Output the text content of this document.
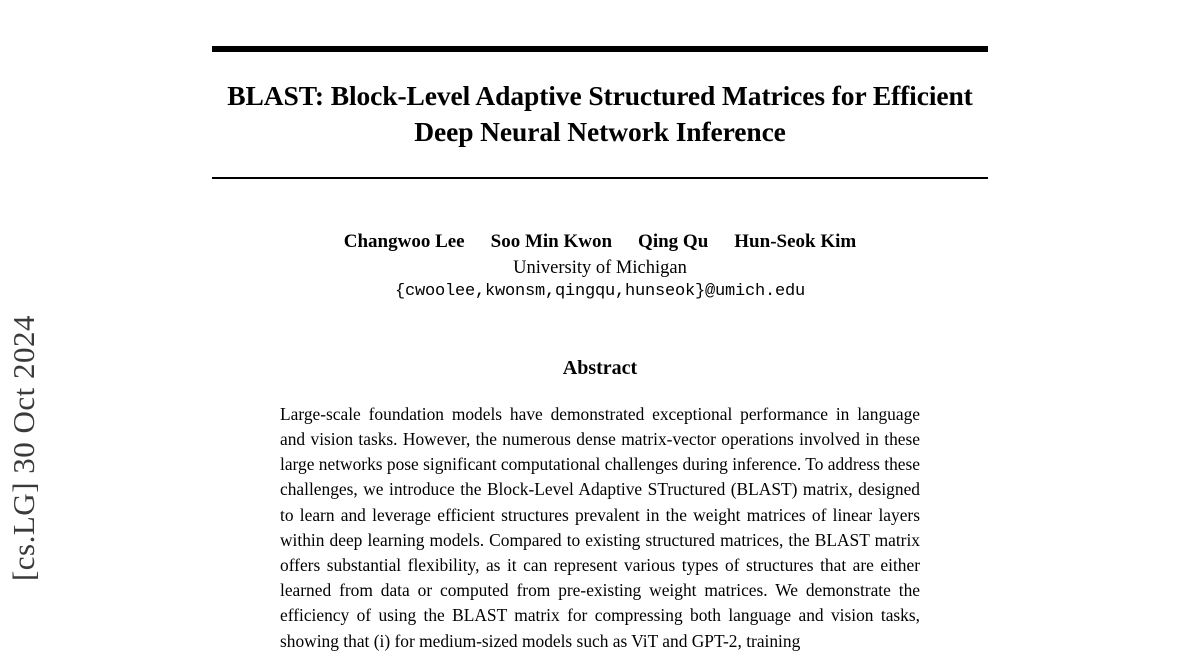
[cs.LG] 30 Oct 2024
BLAST: Block-Level Adaptive Structured Matrices for Efficient Deep Neural Network Inference
Changwoo Lee Soo Min Kwon Qing Qu Hun-Seok Kim
University of Michigan
{cwoolee,kwonsm,qingqu,hunseok}@umich.edu
Abstract

Large-scale foundation models have demonstrated exceptional performance in language and vision tasks. However, the numerous dense matrix-vector operations involved in these large networks pose significant computational challenges during inference. To address these challenges, we introduce the Block-Level Adaptive STructured (BLAST) matrix, designed to learn and leverage efficient structures prevalent in the weight matrices of linear layers within deep learning models. Compared to existing structured matrices, the BLAST matrix offers substantial flexibility, as it can represent various types of structures that are either learned from data or computed from pre-existing weight matrices. We demonstrate the efficiency of using the BLAST matrix for compressing both language and vision tasks, showing that (i) for medium-sized models such as ViT and GPT-2, training
